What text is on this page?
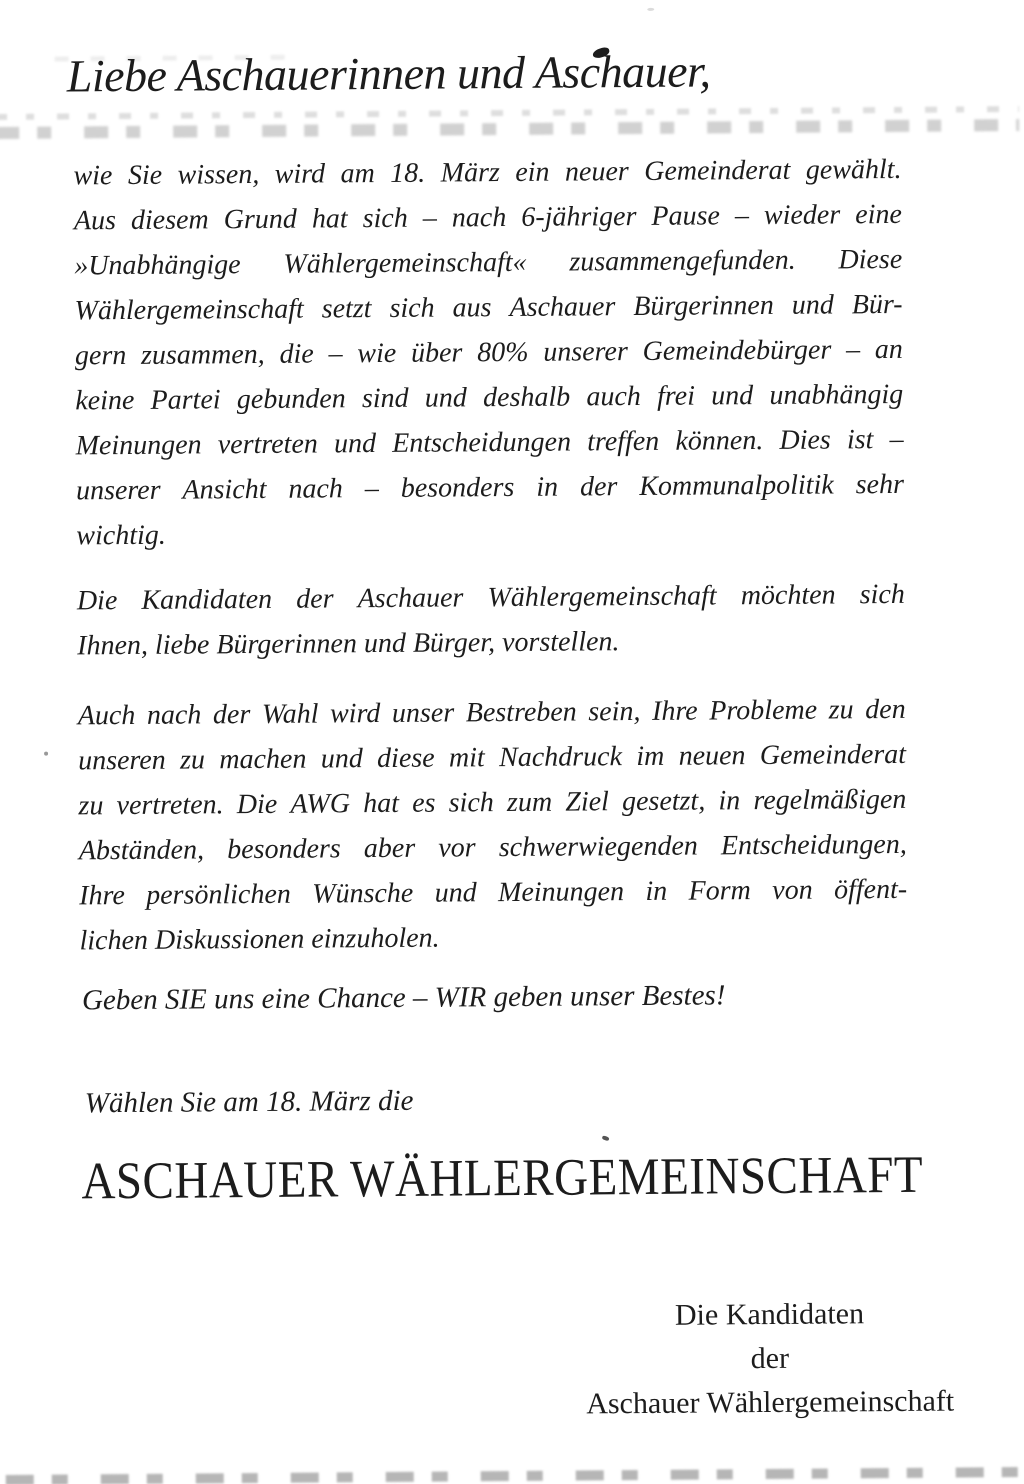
Liebe Aschauerinnen und Aschauer,
wie Sie wissen, wird am 18. März ein neuer Gemeinderat gewählt.
Aus diesem Grund hat sich – nach 6-jähriger Pause – wieder eine
»Unabhängige Wählergemeinschaft« zusammengefunden. Diese
Wählergemeinschaft setzt sich aus Aschauer Bürgerinnen und Bür-
gern zusammen, die – wie über 80% unserer Gemeindebürger – an
keine Partei gebunden sind und deshalb auch frei und unabhängig
Meinungen vertreten und Entscheidungen treffen können. Dies ist –
unserer Ansicht nach – besonders in der Kommunalpolitik sehr
wichtig.
Die Kandidaten der Aschauer Wählergemeinschaft möchten sich
Ihnen, liebe Bürgerinnen und Bürger, vorstellen.
Auch nach der Wahl wird unser Bestreben sein, Ihre Probleme zu den
unseren zu machen und diese mit Nachdruck im neuen Gemeinderat
zu vertreten. Die AWG hat es sich zum Ziel gesetzt, in regelmäßigen
Abständen, besonders aber vor schwerwiegenden Entscheidungen,
Ihre persönlichen Wünsche und Meinungen in Form von öffent-
lichen Diskussionen einzuholen.
Geben SIE uns eine Chance – WIR geben unser Bestes!
Wählen Sie am 18. März die
ASCHAUER WÄHLERGEMEINSCHAFT
Die Kandidaten
der
Aschauer Wählergemeinschaft
